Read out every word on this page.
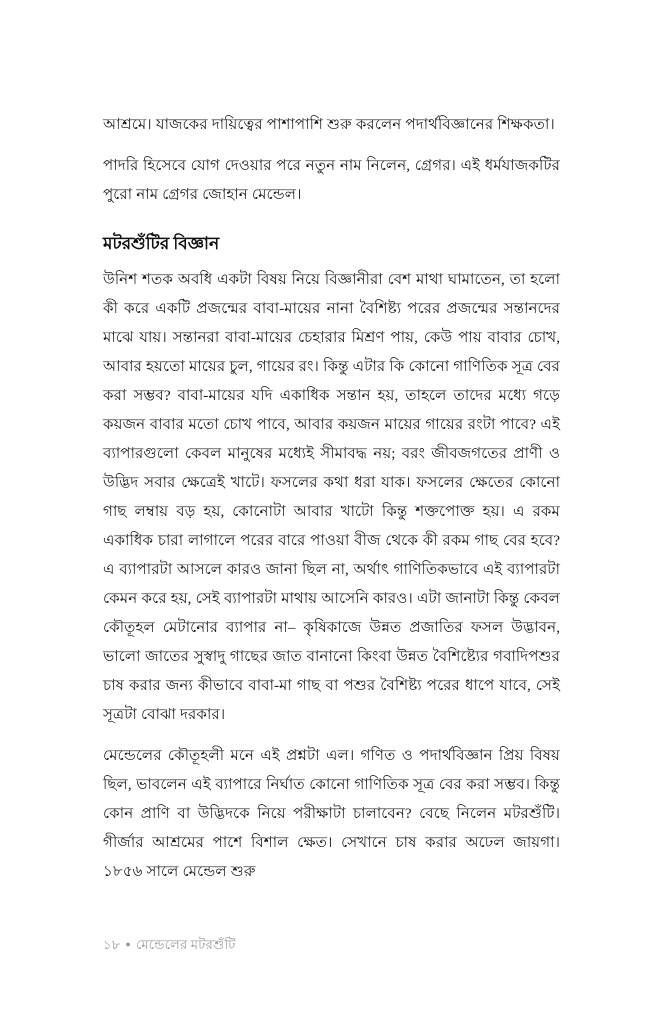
আশ্রমে। যাজকের দায়িত্বের পাশাপাশি শুরু করলেন পদার্থবিজ্ঞানের শিক্ষকতা।

পাদরি হিসেবে যোগ দেওয়ার পরে নতুন নাম নিলেন, গ্রেগর। এই ধর্মযাজকটির পুরো নাম গ্রেগর জোহান মেন্ডেল।

মটরশুঁটির বিজ্ঞান

উনিশ শতক অবধি একটা বিষয় নিয়ে বিজ্ঞানীরা বেশ মাথা ঘামাতেন, তা হলো কী করে একটি প্রজন্মের বাবা-মায়ের নানা বৈশিষ্ট্য পরের প্রজন্মের সন্তানদের মাঝে যায়। সন্তানরা বাবা-মায়ের চেহারার মিশ্রণ পায়, কেউ পায় বাবার চোখ, আবার হয়তো মায়ের চুল, গায়ের রং। কিন্তু এটার কি কোনো গাণিতিক সূত্র বের করা সম্ভব? বাবা-মায়ের যদি একাধিক সন্তান হয়, তাহলে তাদের মধ্যে গড়ে কয়জন বাবার মতো চোখ পাবে, আবার কয়জন মায়ের গায়ের রংটা পাবে? এই ব্যাপারগুলো কেবল মানুষের মধ্যেই সীমাবদ্ধ নয়; বরং জীবজগতের প্রাণী ও উদ্ভিদ সবার ক্ষেত্রেই খাটে। ফসলের কথা ধরা যাক। ফসলের ক্ষেতের কোনো গাছ লম্বায় বড় হয়, কোনোটা আবার খাটো কিন্তু শক্তপোক্ত হয়। এ রকম একাধিক চারা লাগালে পরের বারে পাওয়া বীজ থেকে কী রকম গাছ বের হবে? এ ব্যাপারটা আসলে কারও জানা ছিল না, অর্থাৎ গাণিতিকভাবে এই ব্যাপারটা কেমন করে হয়, সেই ব্যাপারটা মাথায় আসেনি কারও। এটা জানাটা কিন্তু কেবল কৌতূহল মেটানোর ব্যাপার না– কৃষিকাজে উন্নত প্রজাতির ফসল উদ্ভাবন, ভালো জাতের সুস্বাদু গাছের জাত বানানো কিংবা উন্নত বৈশিষ্ট্যের গবাদিপশুর চাষ করার জন্য কীভাবে বাবা-মা গাছ বা পশুর বৈশিষ্ট্য পরের ধাপে যাবে, সেই সূত্রটা বোঝা দরকার।

মেন্ডেলের কৌতূহলী মনে এই প্রশ্নটা এল। গণিত ও পদার্থবিজ্ঞান প্রিয় বিষয় ছিল, ভাবলেন এই ব্যাপারে নির্ঘাত কোনো গাণিতিক সূত্র বের করা সম্ভব। কিন্তু কোন প্রাণি বা উদ্ভিদকে নিয়ে পরীক্ষাটা চালাবেন? বেছে নিলেন মটরশুঁটি। গীর্জার আশ্রমের পাশে বিশাল ক্ষেত। সেখানে চাষ করার অঢেল জায়গা। ১৮৫৬ সালে মেন্ডেল শুরু

১৮ ● মেন্ডেলের মটরশুঁটি
